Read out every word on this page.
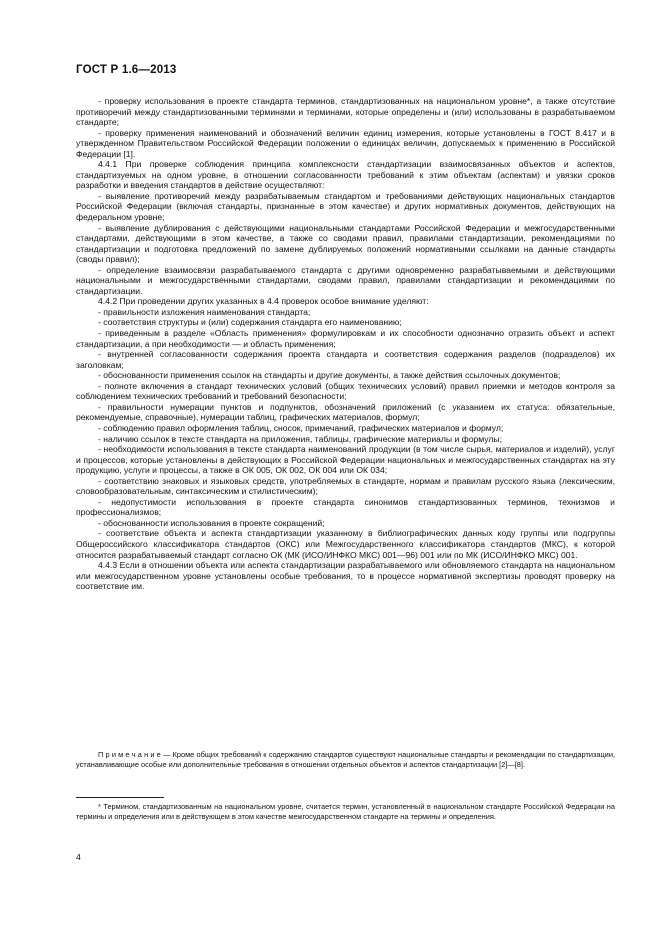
ГОСТ Р 1.6—2013

- проверку использования в проекте стандарта терминов, стандартизованных на национальном уровне*, а также отсутствие противоречий между стандартизованными терминами и терминами, которые определены и (или) использованы в разрабатываемом стандарте;

- проверку применения наименований и обозначений величин единиц измерения, которые установлены в ГОСТ 8.417 и в утвержденном Правительством Российской Федерации положении о единицах величин, допускаемых к применению в Российской Федерации [1].

4.4.1 При проверке соблюдения принципа комплексности стандартизации взаимосвязанных объектов и аспектов, стандартизуемых на одном уровне, в отношении согласованности требований к этим объектам (аспектам) и увязки сроков разработки и введения стандартов в действие осуществляют:

- выявление противоречий между разрабатываемым стандартом и требованиями действующих национальных стандартов Российской Федерации (включая стандарты, признанные в этом качестве) и других нормативных документов, действующих на федеральном уровне;

- выявление дублирования с действующими национальными стандартами Российской Федерации и межгосударственными стандартами, действующими в этом качестве, а также со сводами правил, правилами стандартизации, рекомендациями по стандартизации и подготовка предложений по замене дублируемых положений нормативными ссылками на данные стандарты (своды правил);

- определение взаимосвязи разрабатываемого стандарта с другими одновременно разрабатываемыми и действующими национальными и межгосударственными стандартами, сводами правил, правилами стандартизации и рекомендациями по стандартизации.

4.4.2 При проведении других указанных в 4.4 проверок особое внимание уделяют:

- правильности изложения наименования стандарта;

- соответствия структуры и (или) содержания стандарта его наименованию;

- приведенным в разделе «Область применения» формулировкам и их способности однозначно отразить объект и аспект стандартизации, а при необходимости — и область применения;

- внутренней согласованности содержания проекта стандарта и соответствия содержания разделов (подразделов) их заголовкам;

- обоснованности применения ссылок на стандарты и другие документы, а также действия ссылочных документов;

- полноте включения в стандарт технических условий (общих технических условий) правил приемки и методов контроля за соблюдением технических требований и требований безопасности;

- правильности нумерации пунктов и подпунктов, обозначений приложений (с указанием их статуса: обязательные, рекомендуемые, справочные), нумерации таблиц, графических материалов, формул;

- соблюдению правил оформления таблиц, сносок, примечаний, графических материалов и формул;

- наличию ссылок в тексте стандарта на приложения, таблицы, графические материалы и формулы;

- необходимости использования в тексте стандарта наименований продукции (в том числе сырья, материалов и изделий), услуг и процессов, которые установлены в действующих в Российской Федерации национальных и межгосударственных стандартах на эту продукцию, услуги и процессы, а также в ОК 005, ОК 002, ОК 004 или ОК 034;

- соответствию знаковых и языковых средств, употребляемых в стандарте, нормам и правилам русского языка (лексическим, словообразовательным, синтаксическим и стилистическим);

- недопустимости использования в проекте стандарта синонимов стандартизованных терминов, технизмов и профессионализмов;

- обоснованности использования в проекте сокращений;

- соответствие объекта и аспекта стандартизации указанному в библиографических данных коду группы или подгруппы Общероссийского классификатора стандартов (ОКС) или Межгосударственного классификатора стандартов (МКС), к которой относится разрабатываемый стандарт согласно ОК (МК (ИСО/ИНФКО МКС) 001—96) 001 или по МК (ИСО/ИНФКО МКС) 001.

4.4.3 Если в отношении объекта или аспекта стандартизации разрабатываемого или обновляемого стандарта на национальном или межгосударственном уровне установлены особые требования, то в процессе нормативной экспертизы проводят проверку на соответствие им.

П р и м е ч а н и е — Кроме общих требований к содержанию стандартов существуют национальные стандарты и рекомендации по стандартизации, устанавливающие особые или дополнительные требования в отношении отдельных объектов и аспектов стандартизации [2]—[8].
* Термином, стандартизованным на национальном уровне, считается термин, установленный в национальном стандарте Российской Федерации на термины и определения или в действующем в этом качестве межгосударственном стандарте на термины и определения.
4
